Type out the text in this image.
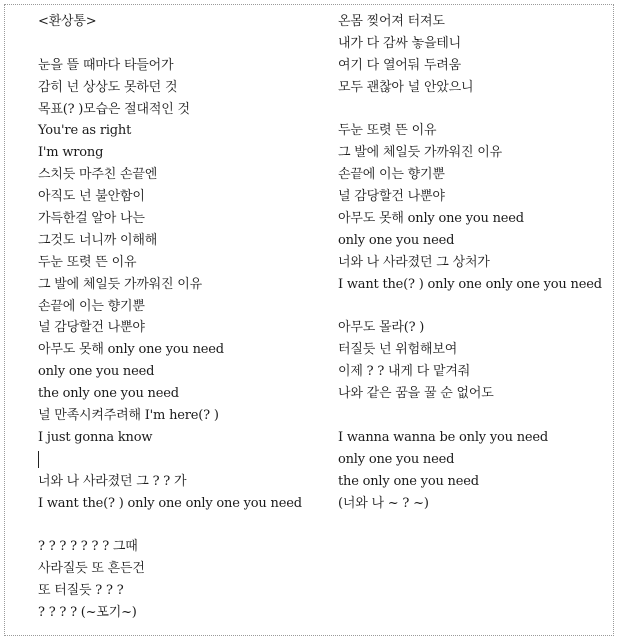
<환상통>
눈을 뜰 때마다 타들어가
감히 넌 상상도 못하던 것
목표(? )모습은 절대적인 것
You're as right
I'm wrong
스치듯 마주친 손끝엔
아직도 넌 불안함이
가득한걸 알아 나는
그것도 너니까 이해해
두눈 또렷 뜬 이유
그 발에 체일듯 가까워진 이유
손끝에 이는 향기뿐
널 감당할건 나뿐야
아무도 못해 only one you need
only one you need
the only one you need
널 만족시켜주려해 I'm here(? )
I just gonna know
너와 나 사라졌던 그 ? ? 가
I want the(? ) only one only one you need
? ? ? ? ? ? ? 그때
사라질듯 또 흔든건
또 터질듯 ? ? ?
? ? ? ? (~포기~)
온몸 찢어져 터져도
내가 다 감싸 놓을테니
여기 다 열어둬 두려움
모두 괜찮아 널 안았으니
두눈 또렷 뜬 이유
그 발에 체일듯 가까워진 이유
손끝에 이는 향기뿐
널 감당할건 나뿐야
아무도 못해 only one you need
only one you need
너와 나 사라졌던 그 상처가
I want the(? ) only one only one you need
아무도 몰라(? )
터질듯 넌 위험해보여
이제 ? ? 내게 다 맡겨줘
나와 같은 꿈을 꿀 순 없어도
I wanna wanna be only you need
only one you need
the only one you need
(너와 나 ~ ? ~)
